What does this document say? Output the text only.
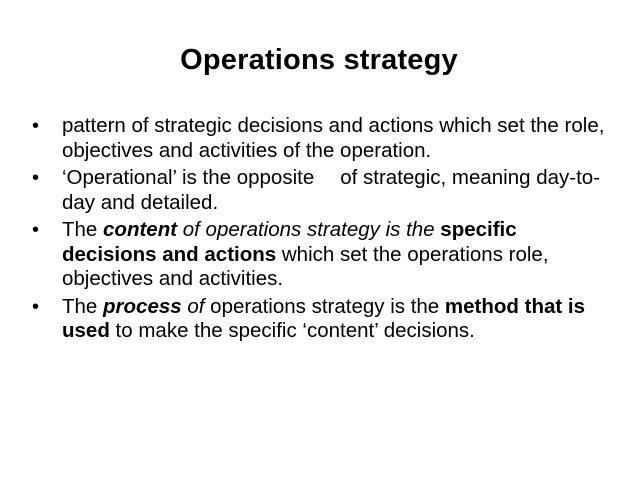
Operations strategy
•	pattern of strategic decisions and actions which set the role, objectives and activities of the operation.
•	‘Operational’ is the opposite of strategic, meaning day-to-day and detailed.
•	The content of operations strategy is the specific decisions and actions which set the operations role, objectives and activities.
•	The process of operations strategy is the method that is used to make the specific ‘content’ decisions.
